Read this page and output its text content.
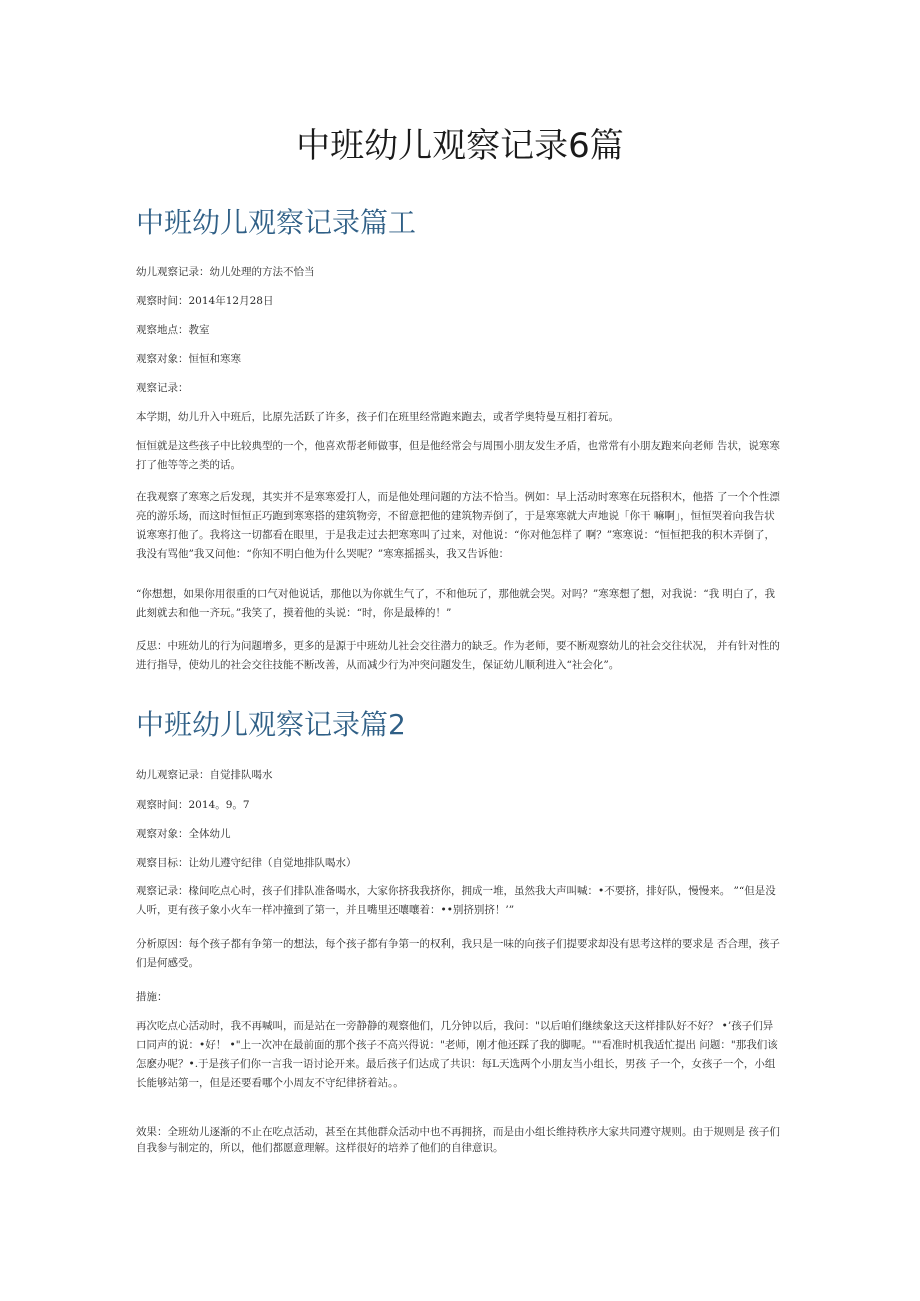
中班幼儿观察记录6篇
中班幼儿观察记录篇工

幼儿观察记录：幼儿处理的方法不恰当

观察时间：2014年12月28日

观察地点：教室

观察对象：恒恒和寒寒

观察记录：

本学期，幼儿升入中班后，比原先活跃了许多，孩子们在班里经常跑来跑去，或者学奥特曼互相打着玩。

恒恒就是这些孩子中比较典型的一个，他喜欢帮老师做事，但是他经常会与周围小朋友发生矛盾，也常常有小朋友跑来向老师 告状，说寒寒打了他等等之类的话。

在我观察了寒寒之后发现，其实并不是寒寒爱打人，而是他处理问题的方法不恰当。例如：早上活动时寒寒在玩搭积木，他搭 了一个个性漂亮的游乐场，而这时恒恒正巧跑到寒寒搭的建筑物旁，不留意把他的建筑物弄倒了，于是寒寒就大声地说「你干 嘛啊」，恒恒哭着向我告状说寒寒打他了。我将这一切都看在眼里，于是我走过去把寒寒叫了过来，对他说：“你对他怎样了 啊？”寒寒说：“恒恒把我的积木弄倒了，我没有骂他”我又问他：“你知不明白他为什么哭呢？”寒寒摇摇头，我又告诉他：

“你想想，如果你用很重的口气对他说话，那他以为你就生气了，不和他玩了，那他就会哭。对吗？”寒寒想了想，对我说：“我 明白了，我此刻就去和他一齐玩。”我笑了，摸着他的头说：“时，你是最棒的！”

反思：中班幼儿的行为问题增多，更多的是源于中班幼儿社会交往潜力的缺乏。作为老师，要不断观察幼儿的社会交往状况， 并有针对性的进行指导，使幼儿的社会交往技能不断改善，从而减少行为冲突问题发生，保证幼儿顺利进入“社会化”。

中班幼儿观察记录篇2

幼儿观察记录：自觉排队喝水

观察时间：2014。9。7

观察对象：全体幼儿

观察目标：让幼儿遵守纪律（自觉地排队喝水）

观察记录：椽间吃点心时，孩子们排队准备喝水，大家你挤我我挤你，拥成一堆，虽然我大声叫喊：•不要挤，排好队，慢慢来。 ”“但是没人听，更有孩子象小火车一样冲撞到了第一，并且嘴里还嚷嚷着：••别挤别挤！’”

分析原因：每个孩子都有争第一的想法，每个孩子都有争第一的权利，我只是一味的向孩子们提要求却没有思考这样的要求是 否合理，孩子们是何感受。

措施：

再次吃点心活动时，我不再喊叫，而是站在一旁静静的观察他们，几分钟以后，我问："以后咱们继续象这天这样排队好不好？ •’孩子们异口同声的说：•好！ •"上一次冲在最前面的那个孩子不高兴得说："老师，刚才他还踩了我的脚呢。""看准时机我适忙提出 问题："那我们该怎麽办呢？•.于是孩子们你一言我一语讨论开来。最后孩子们达成了共识：每L天选两个小朋友当小组长，男孩 子一个，女孩子一个，小组长能够站第一，但是还要看哪个小周友不守纪律挤着站。。

效果：全班幼儿逐渐的不止在吃点活动，甚至在其他群众活动中也不再拥挤，而是由小组长维持秩序大家共同遵守规则。由于规则是 孩子们自我参与制定的，所以，他们都愿意理解。这样很好的培养了他们的自律意识。
